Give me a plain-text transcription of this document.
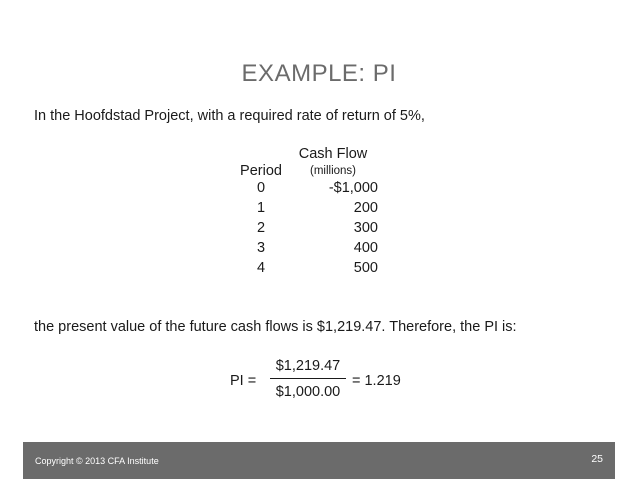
EXAMPLE: PI
In the Hoofdstad Project, with a required rate of return of 5%,
Cash Flow
Period	(millions)
0	-$1,000
1	200
2	300
3	400
4	500
the present value of the future cash flows is $1,219.47. Therefore, the PI is:
PI =
$1,219.47
$1,000.00
= 1.219
Copyright © 2013 CFA Institute	25
